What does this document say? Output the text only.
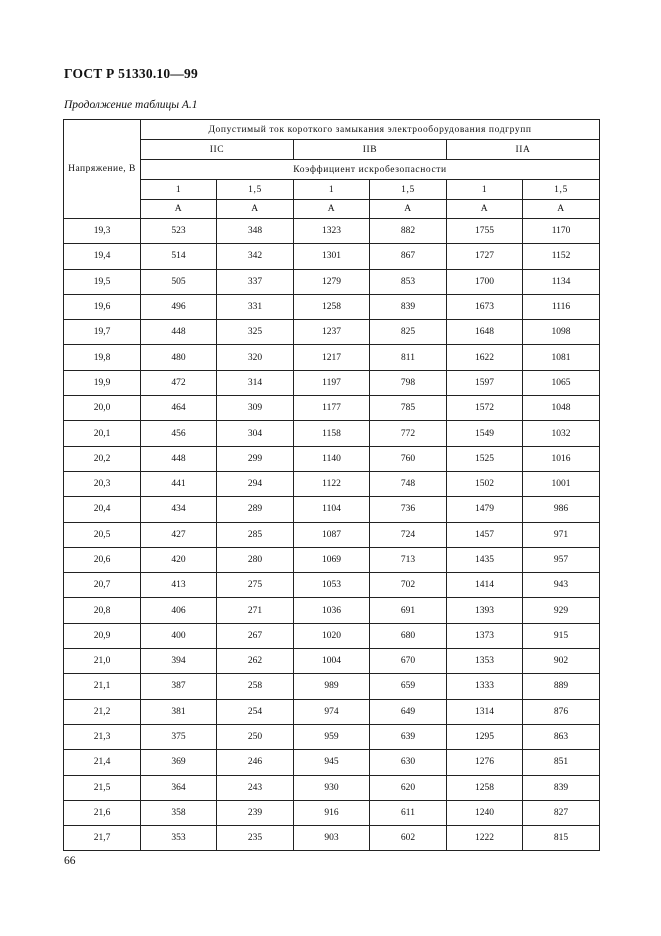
ГОСТ Р 51330.10—99
Продолжение таблицы А.1
Напряжение, В	Допустимый ток короткого замыкания электрооборудования подгрупп					
	IIC		IIB		IIA	
	Коэффициент искробезопасности					
	1	1,5	1	1,5	1	1,5
	А	А	А	А	А	А
19,3	523	348	1323	882	1755	1170
19,4	514	342	1301	867	1727	1152
19,5	505	337	1279	853	1700	1134
19,6	496	331	1258	839	1673	1116
19,7	448	325	1237	825	1648	1098
19,8	480	320	1217	811	1622	1081
19,9	472	314	1197	798	1597	1065
20,0	464	309	1177	785	1572	1048
20,1	456	304	1158	772	1549	1032
20,2	448	299	1140	760	1525	1016
20,3	441	294	1122	748	1502	1001
20,4	434	289	1104	736	1479	986
20,5	427	285	1087	724	1457	971
20,6	420	280	1069	713	1435	957
20,7	413	275	1053	702	1414	943
20,8	406	271	1036	691	1393	929
20,9	400	267	1020	680	1373	915
21,0	394	262	1004	670	1353	902
21,1	387	258	989	659	1333	889
21,2	381	254	974	649	1314	876
21,3	375	250	959	639	1295	863
21,4	369	246	945	630	1276	851
21,5	364	243	930	620	1258	839
21,6	358	239	916	611	1240	827
21,7	353	235	903	602	1222	815
66
